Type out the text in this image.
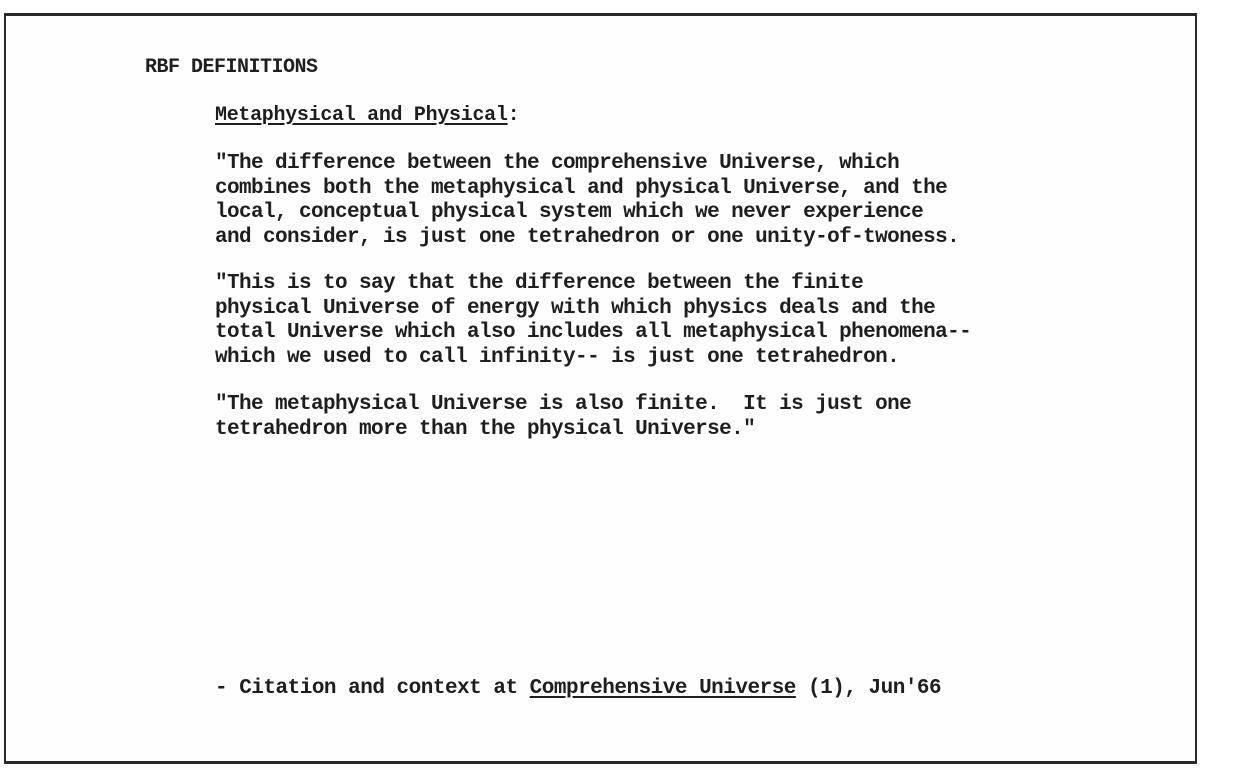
RBF DEFINITIONS
Metaphysical and Physical:
"The difference between the comprehensive Universe, which
combines both the metaphysical and physical Universe, and the
local, conceptual physical system which we never experience
and consider, is just one tetrahedron or one unity-of-twoness.
"This is to say that the difference between the finite
physical Universe of energy with which physics deals and the
total Universe which also includes all metaphysical phenomena--
which we used to call infinity-- is just one tetrahedron.
"The metaphysical Universe is also finite.  It is just one
tetrahedron more than the physical Universe."
- Citation and context at Comprehensive Universe (1), Jun'66
